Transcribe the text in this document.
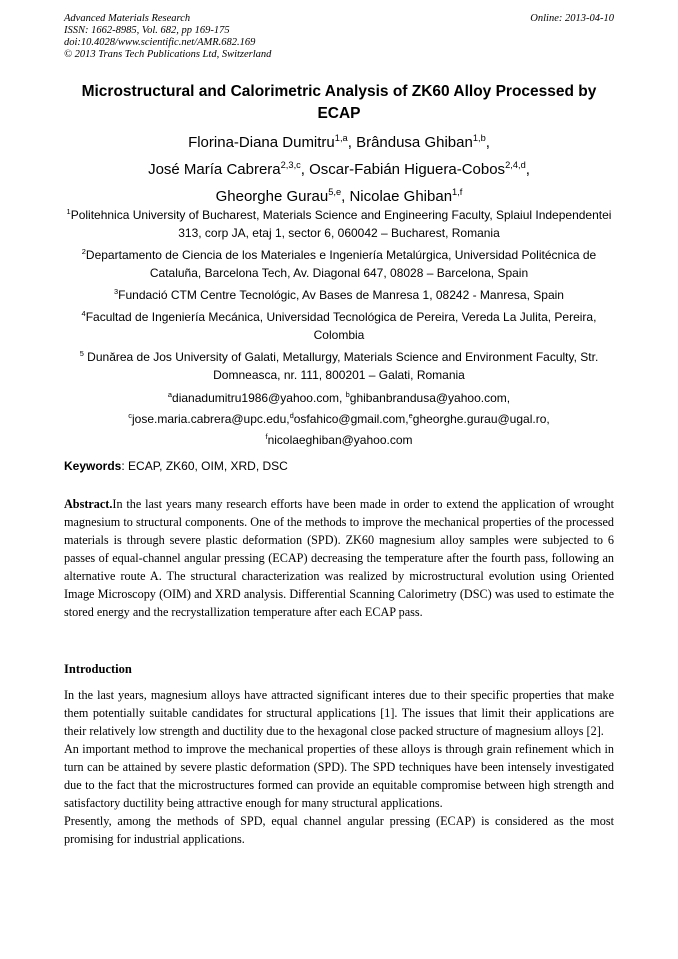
Advanced Materials Research
ISSN: 1662-8985, Vol. 682, pp 169-175
doi:10.4028/www.scientific.net/AMR.682.169
© 2013 Trans Tech Publications Ltd, Switzerland
Online: 2013-04-10
Microstructural and Calorimetric Analysis of ZK60 Alloy Processed by ECAP
Florina-Diana Dumitru$^{1,a}$, Brândusa Ghiban$^{1,b}$,
José María Cabrera$^{2,3,c}$, Oscar-Fabián Higuera-Cobos$^{2,4,d}$,
Gheorghe Gurau$^{5,e}$, Nicolae Ghiban$^{1,f}$
$^1$Politehnica University of Bucharest, Materials Science and Engineering Faculty, Splaiul Independentei 313, corp JA, etaj 1, sector 6, 060042 – Bucharest, Romania
$^2$Departamento de Ciencia de los Materiales e Ingeniería Metalúrgica, Universidad Politécnica de Cataluña, Barcelona Tech, Av. Diagonal 647, 08028 – Barcelona, Spain
$^3$Fundació CTM Centre Tecnológic, Av Bases de Manresa 1, 08242 - Manresa, Spain
$^4$Facultad de Ingeniería Mecánica, Universidad Tecnológica de Pereira, Vereda La Julita, Pereira, Colombia
$^5$ Dunărea de Jos University of Galati, Metallurgy, Materials Science and Environment Faculty, Str. Domneasca, nr. 111, 800201 – Galati, Romania
$^a$dianadumitru1986@yahoo.com, $^b$ghibanbrandusa@yahoo.com,
$^c$jose.maria.cabrera@upc.edu,$^d$osfahico@gmail.com,$^e$gheorghe.gurau@ugal.ro,
$^f$nicolaeghiban@yahoo.com
Keywords: ECAP, ZK60, OIM, XRD, DSC
Abstract.In the last years many research efforts have been made in order to extend the application of wrought magnesium to structural components. One of the methods to improve the mechanical properties of the processed materials is through severe plastic deformation (SPD). ZK60 magnesium alloy samples were subjected to 6 passes of equal-channel angular pressing (ECAP) decreasing the temperature after the fourth pass, following an alternative route A. The structural characterization was realized by microstructural evolution using Oriented Image Microscopy (OIM) and XRD analysis. Differential Scanning Calorimetry (DSC) was used to estimate the stored energy and the recrystallization temperature after each ECAP pass.
Introduction

In the last years, magnesium alloys have attracted significant interes due to their specific properties that make them potentially suitable candidates for structural applications [1]. The issues that limit their applications are their relatively low strength and ductility due to the hexagonal close packed structure of magnesium alloys [2].

An important method to improve the mechanical properties of these alloys is through grain refinement which in turn can be attained by severe plastic deformation (SPD). The SPD techniques have been intensely investigated due to the fact that the microstructures formed can provide an equitable compromise between high strength and satisfactory ductility being attractive enough for many structural applications.

Presently, among the methods of SPD, equal channel angular pressing (ECAP) is considered as the most promising for industrial applications.
